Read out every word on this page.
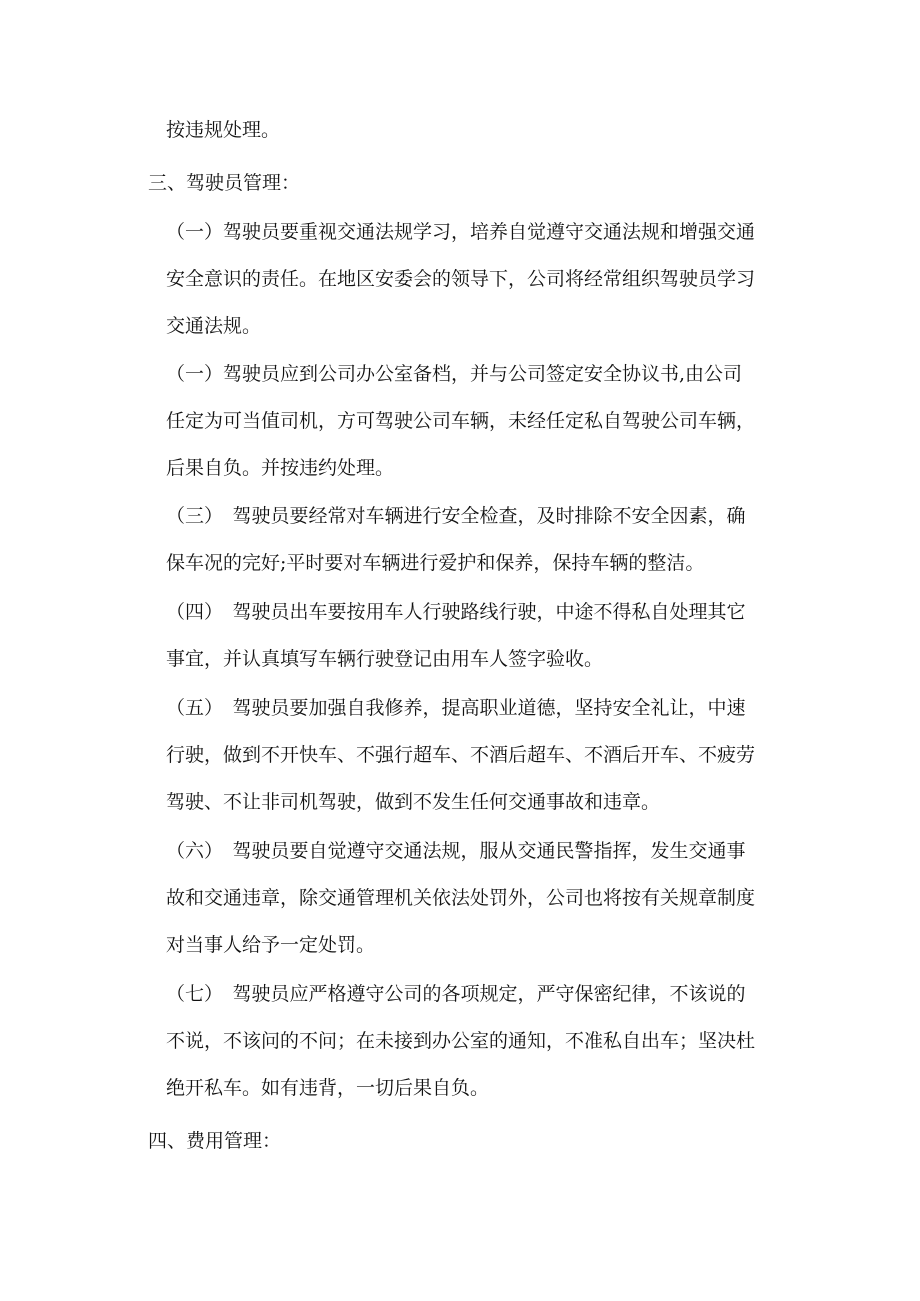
按违规处理。
三、驾驶员管理：
（一）驾驶员要重视交通法规学习，培养自觉遵守交通法规和增强交通
安全意识的责任。在地区安委会的领导下，公司将经常组织驾驶员学习
交通法规。
（一）驾驶员应到公司办公室备档，并与公司签定安全协议书,由公司
任定为可当值司机，方可驾驶公司车辆，未经任定私自驾驶公司车辆，
后果自负。并按违约处理。
（三）　驾驶员要经常对车辆进行安全检查，及时排除不安全因素，确
保车况的完好;平时要对车辆进行爱护和保养，保持车辆的整洁。
（四）　驾驶员出车要按用车人行驶路线行驶，中途不得私自处理其它
事宜，并认真填写车辆行驶登记由用车人签字验收。
（五）　驾驶员要加强自我修养，提高职业道德，坚持安全礼让，中速
行驶，做到不开快车、不强行超车、不酒后超车、不酒后开车、不疲劳
驾驶、不让非司机驾驶，做到不发生任何交通事故和违章。
（六）　驾驶员要自觉遵守交通法规，服从交通民警指挥，发生交通事
故和交通违章，除交通管理机关依法处罚外，公司也将按有关规章制度
对当事人给予一定处罚。
（七）　驾驶员应严格遵守公司的各项规定，严守保密纪律，不该说的
不说，不该问的不问；在未接到办公室的通知，不准私自出车；坚决杜
绝开私车。如有违背，一切后果自负。
四、费用管理：
